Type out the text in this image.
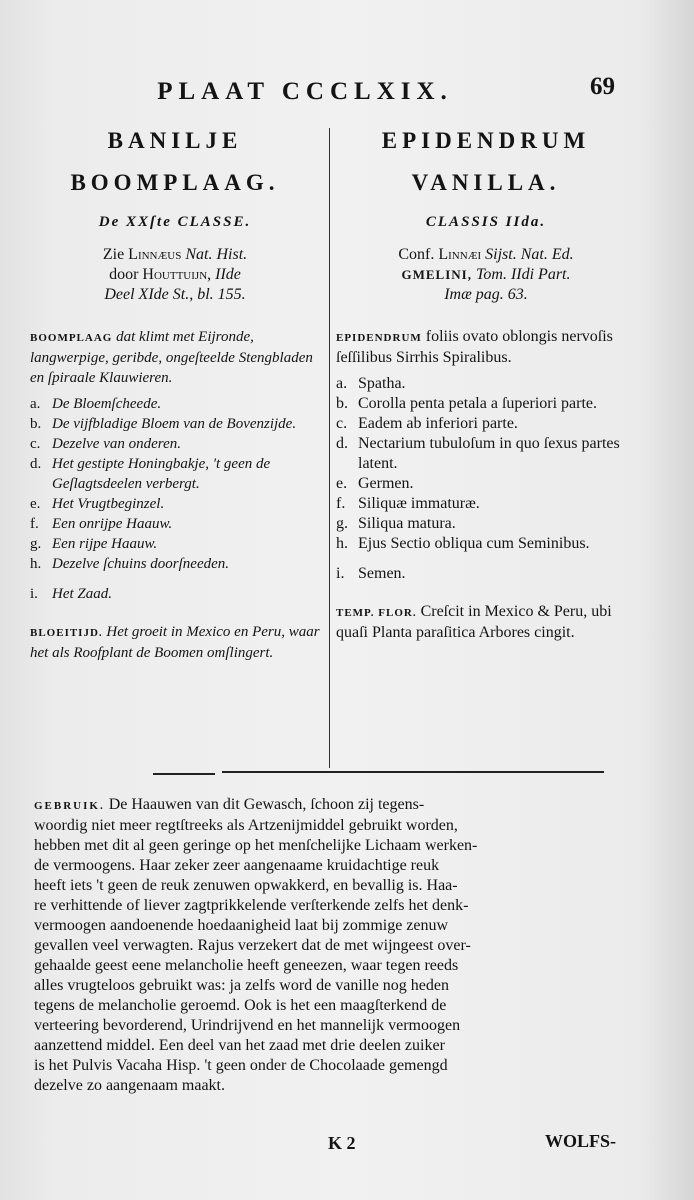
PLAAT CCCLXIX.	69
BANILJE
BOOMPLAAG.
De XXſte CLASSE.
Zie Linnæus Nat. Hist.
door Houttuijn, IIde
Deel XIde St., bl. 155.
BOOMPLAAG dat klimt met Eijronde, langwerpige, geribde, ongeſteelde Stengbladen en ſpiraale Klauwieren.
a. De Bloemſcheede.
b. De vijfbladige Bloem van de Bovenzijde.
c. Dezelve van onderen.
d. Het gestipte Honingbakje, 't geen de Geſlagtsdeelen verbergt.
e. Het Vrugtbeginzel.
f. Een onrijpe Haauw.
g. Een rijpe Haauw.
h. Dezelve ſchuins doorſneeden.
i. Het Zaad.
BLOEITIJD. Het groeit in Mexico en Peru, waar het als Roofplant de Boomen omſlingert.
EPIDENDRUM
VANILLA.
CLASSIS IIda.
Conf. Linnæi Sijst. Nat. Ed.
GMELINI, Tom. IIdi Part.
Imæ pag. 63.
EPIDENDRUM foliis ovato oblongis nervoſis ſeſſilibus Sirrhis Spiralibus.
a. Spatha.
b. Corolla penta petala a ſuperiori parte.
c. Eadem ab inferiori parte.
d. Nectarium tubuloſum in quo ſexus partes latent.
e. Germen.
f. Siliquæ immaturæ.
g. Siliqua matura.
h. Ejus Sectio obliqua cum Seminibus.
i. Semen.
TEMP. FLOR. Creſcit in Mexico & Peru, ubi quaſi Planta paraſitica Arbores cingit.
GEBRUIK. De Haauwen van dit Gewasch, ſchoon zij tegens-
woordig niet meer regtſtreeks als Artzenijmiddel gebruikt worden,
hebben met dit al geen geringe op het menſchelijke Lichaam werken-
de vermoogens. Haar zeker zeer aangenaame kruidachtige reuk
heeft iets 't geen de reuk zenuwen opwakkerd, en bevallig is. Haa-
re verhittende of liever zagtprikkelende verſterkende zelfs het denk-
vermoogen aandoenende hoedaanigheid laat bij zommige zenuw
gevallen veel verwagten. Rajus verzekert dat de met wijngeest over-
gehaalde geest eene melancholie heeft geneezen, waar tegen reeds
alles vrugteloos gebruikt was: ja zelfs word de vanille nog heden
tegens de melancholie geroemd. Ook is het een maagſterkend de
verteering bevorderend, Urindrijvend en het mannelijk vermoogen
aanzettend middel. Een deel van het zaad met drie deelen zuiker
is het Pulvis Vacaha Hisp. 't geen onder de Chocolaade gemengd
dezelve zo aangenaam maakt.
K 2	WOLFS-
